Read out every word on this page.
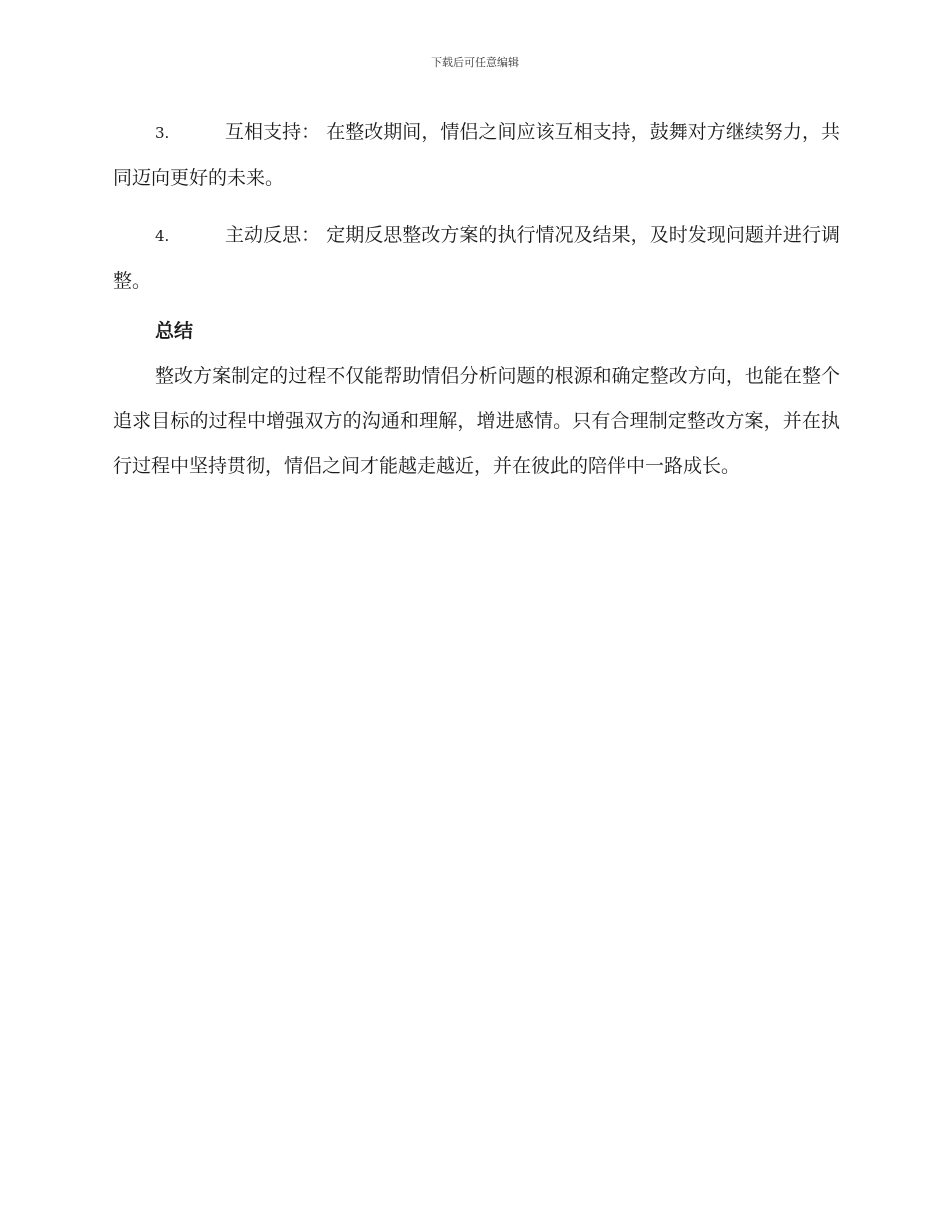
下载后可任意编辑

3.	互相支持： 在整改期间，情侣之间应该互相支持，鼓舞对方继续努力，共同迈向更好的未来。

4.	主动反思： 定期反思整改方案的执行情况及结果，及时发现问题并进行调整。

总结

整改方案制定的过程不仅能帮助情侣分析问题的根源和确定整改方向，也能在整个追求目标的过程中增强双方的沟通和理解，增进感情。只有合理制定整改方案，并在执行过程中坚持贯彻，情侣之间才能越走越近，并在彼此的陪伴中一路成长。
